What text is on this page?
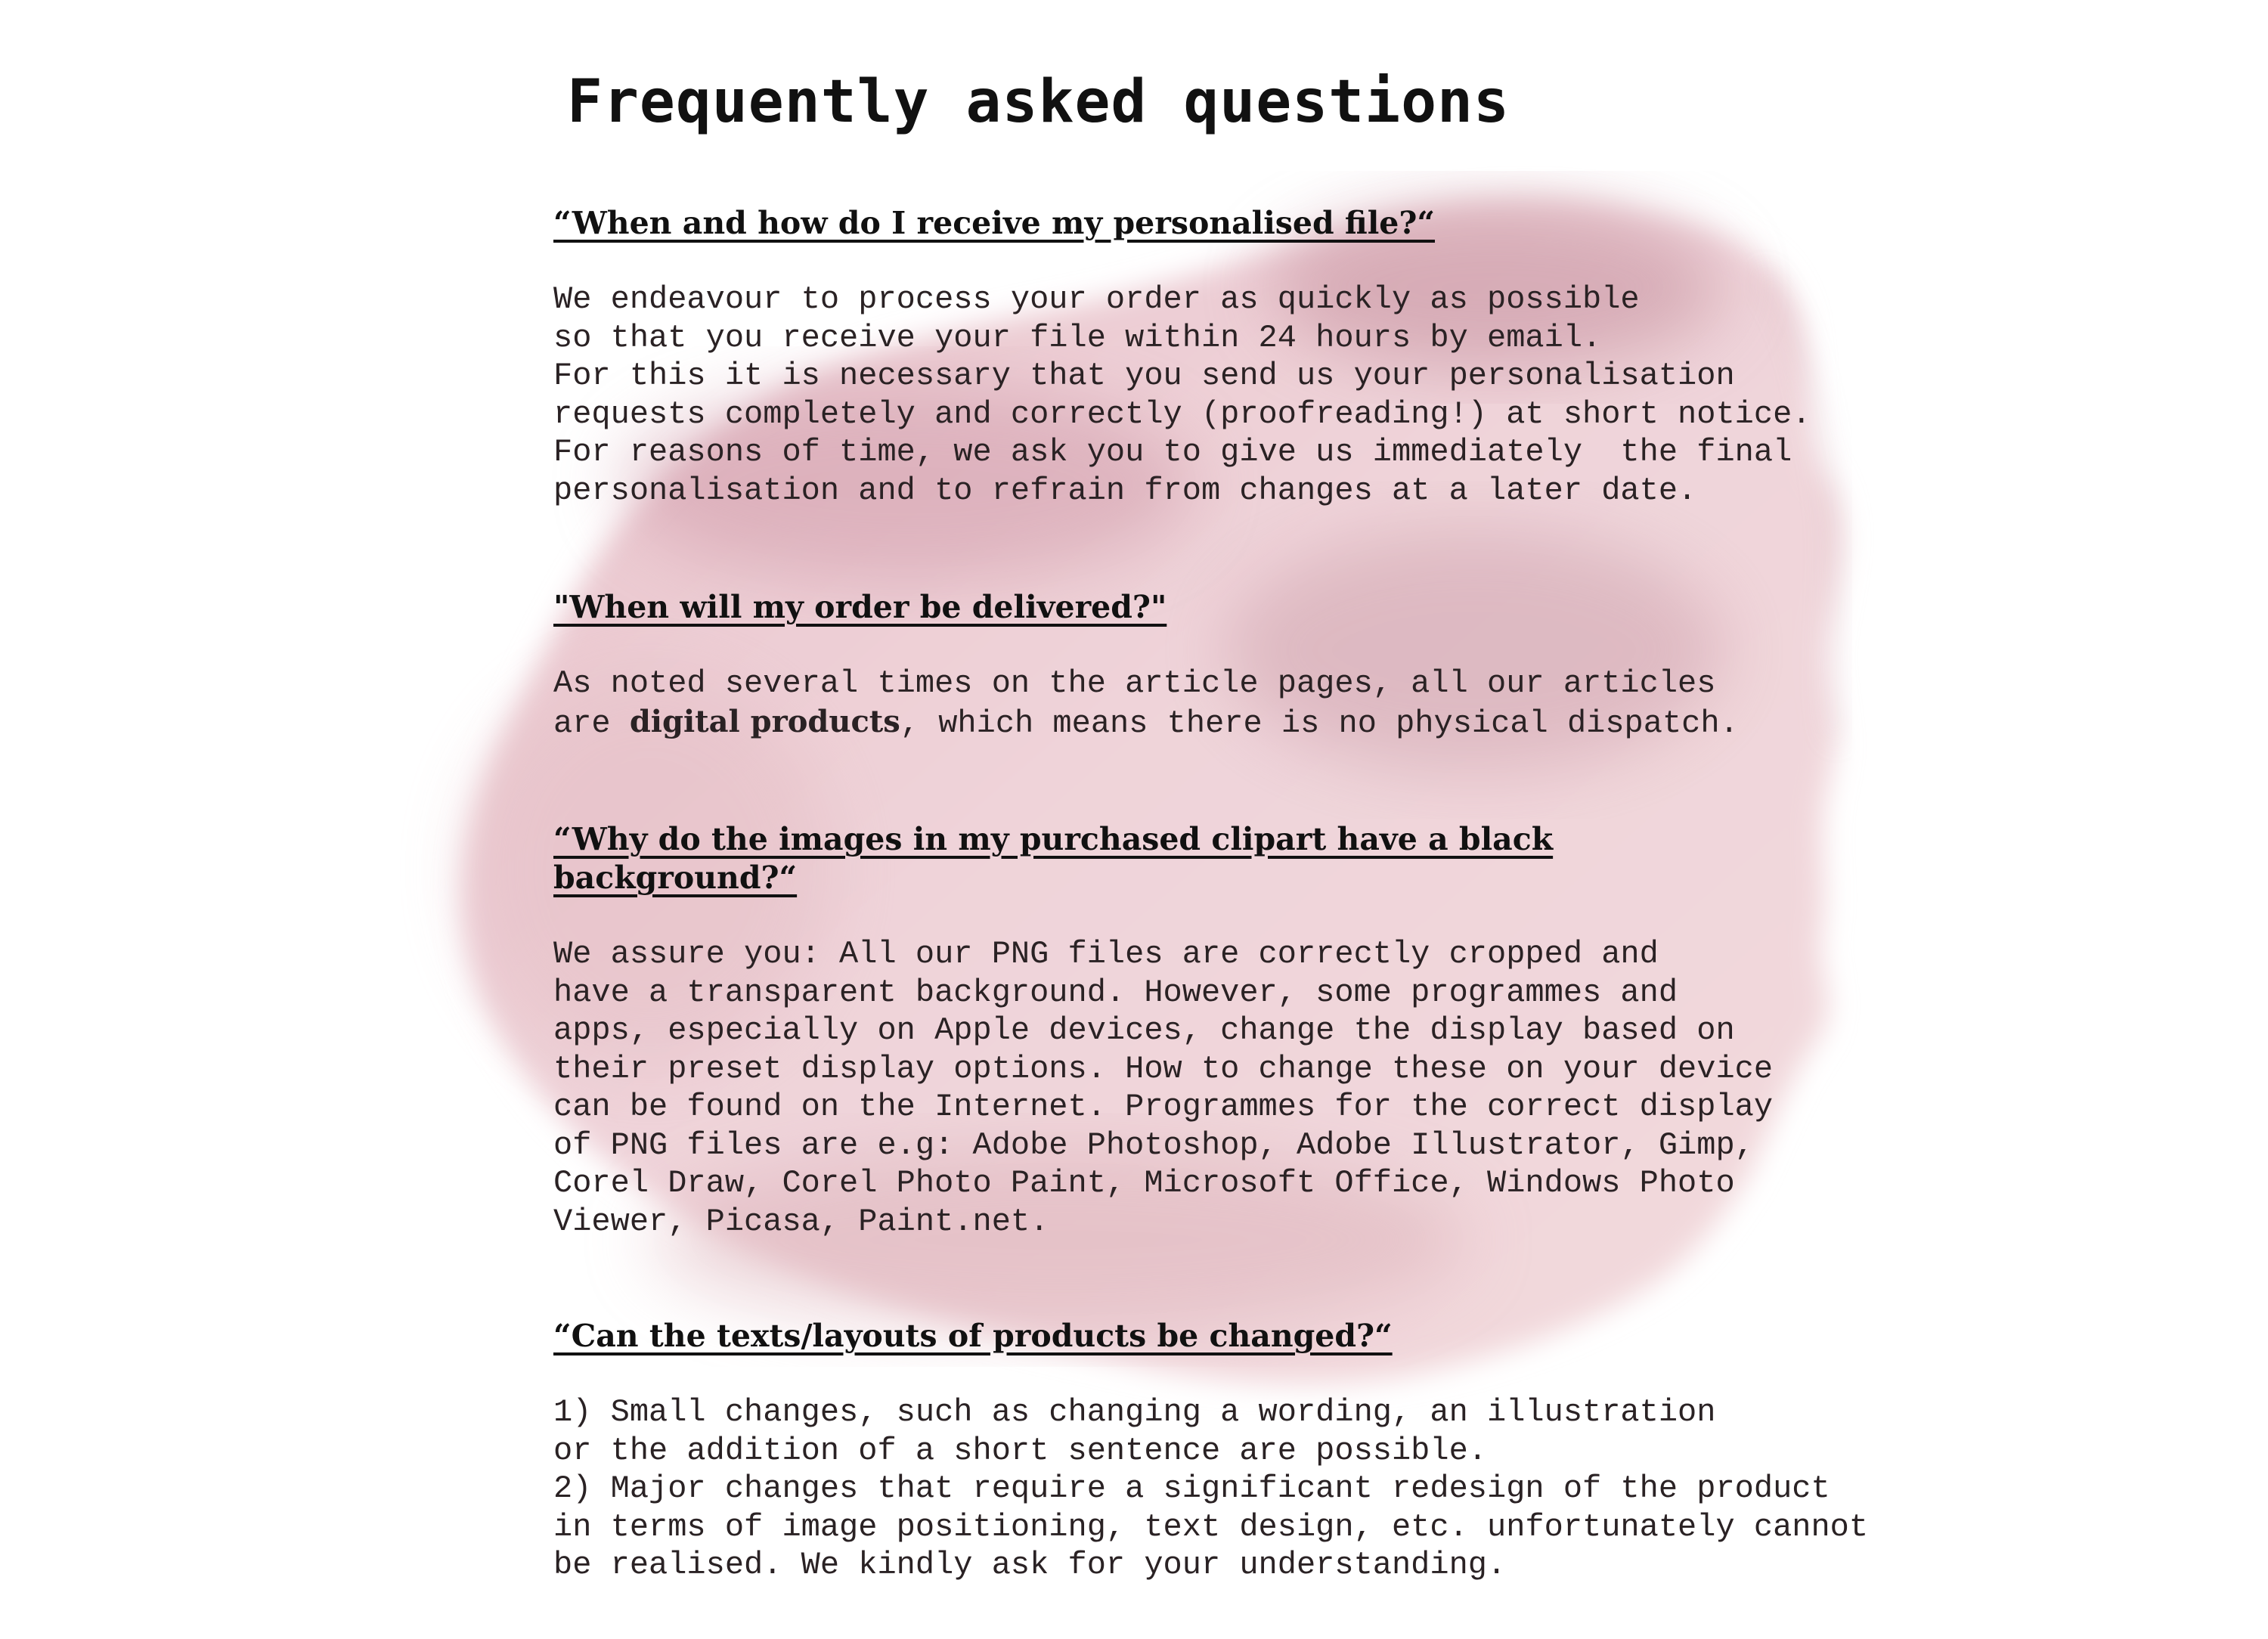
Frequently asked questions

“When and how do I receive my personalised file?“

We endeavour to process your order as quickly as possible
so that you receive your file within 24 hours by email.
For this it is necessary that you send us your personalisation
requests completely and correctly (proofreading!) at short notice.
For reasons of time, we ask you to give us immediately  the final
personalisation and to refrain from changes at a later date.

"When will my order be delivered?"

As noted several times on the article pages, all our articles
are digital products, which means there is no physical dispatch.

“Why do the images in my purchased clipart have a black
background?“

We assure you: All our PNG files are correctly cropped and
have a transparent background. However, some programmes and
apps, especially on Apple devices, change the display based on
their preset display options. How to change these on your device
can be found on the Internet. Programmes for the correct display
of PNG files are e.g: Adobe Photoshop, Adobe Illustrator, Gimp,
Corel Draw, Corel Photo Paint, Microsoft Office, Windows Photo
Viewer, Picasa, Paint.net.

“Can the texts/layouts of products be changed?“

1) Small changes, such as changing a wording, an illustration
or the addition of a short sentence are possible.
2) Major changes that require a significant redesign of the product
in terms of image positioning, text design, etc. unfortunately cannot
be realised. We kindly ask for your understanding.
